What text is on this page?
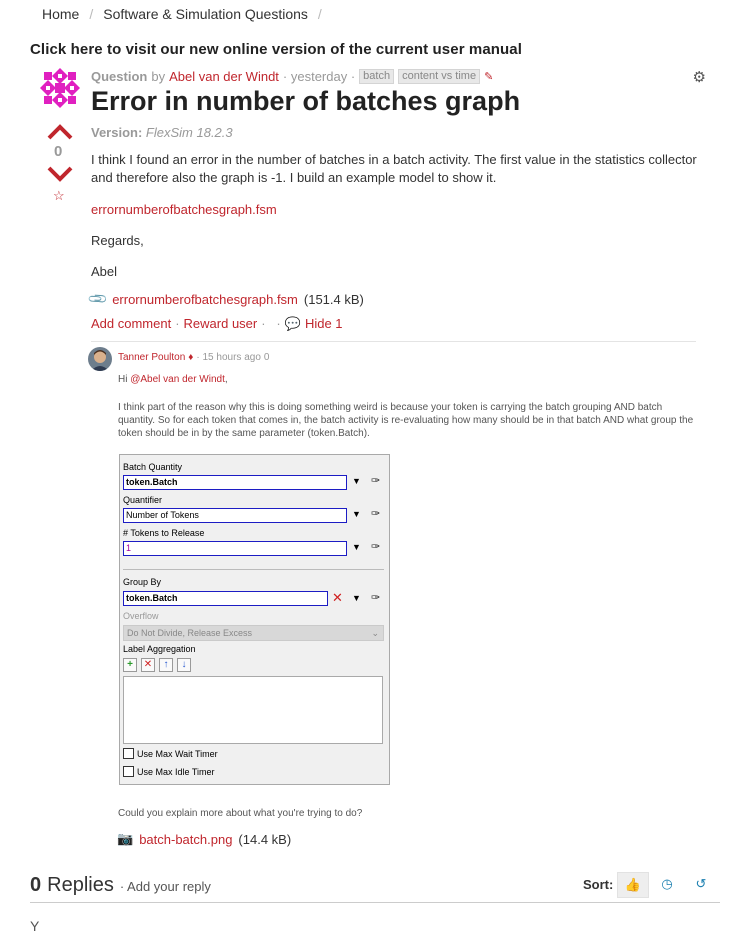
Home / Software & Simulation Questions /
Click here to visit our new online version of the current user manual
0
☆
Question by Abel van der Windt · yesterday · batch	content vs time ✎	⚙
Error in number of batches graph
Version: FlexSim 18.2.3
I think I found an error in the number of batches in a batch activity. The first value in the statistics collector and therefore also the graph is -1. I build an example model to show it.
errornumberofbatchesgraph.fsm
Regards,
Abel
📎 errornumberofbatchesgraph.fsm (151.4 kB)
Add comment · Reward user ·   · 💬 Hide 1
Tanner Poulton ♦ · 15 hours ago 0
Hi @Abel van der Windt,
I think part of the reason why this is doing something weird is because your token is carrying the batch grouping AND batch quantity. So for each token that comes in, the batch activity is re-evaluating how many should be in that batch AND what group the token should be in by the same parameter (token.Batch).
Batch Quantity
token.Batch	▼ ✑
Quantifier
Number of Tokens	▼ ✑
# Tokens to Release
1	▼ ✑
Group By
token.Batch	✕ ▼ ✑
Overflow
Do Not Divide, Release Excess	⌄
Label Aggregation
+	✕	↑	↓
Use Max Wait Timer
Use Max Idle Timer
Could you explain more about what you're trying to do?
📷 batch-batch.png (14.4 kB)
0 Replies · Add your reply	Sort: 👍 ◷ ↺
Y
